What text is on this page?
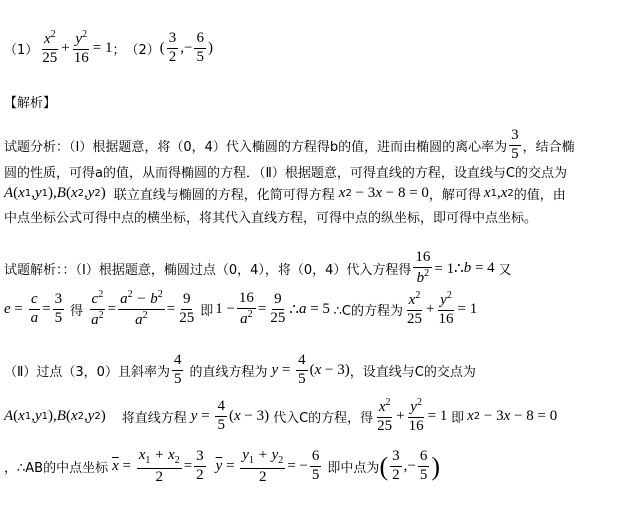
$(1) \frac{x^2}{25} + \frac{y^2}{16} = 1$ ； （2） ( $\frac{3}{2}$ ,− $\frac{6}{5}$ )
【解析】
试题分析：（Ⅰ）根据题意，将（0，4）代入椭圆的方程得b的值，进而由椭圆的离心率为 $\frac{3}{5}$ ，结合椭
圆的性质，可得a的值，从而得椭圆的方程．（Ⅱ）根据题意，可得直线的方程，设直线与C的交点为
A ( x 1 , y 1 ), B ( x 2 , y 2 ) 联立直线与椭圆的方程，化简可得方程 x 2 − 3 x − 8 = 0 ，解可得 x 1 , x 2 的值，由
中点坐标公式可得中点的横坐标，将其代入直线方程，可得中点的纵坐标，即可得中点坐标。
试题解析：：（Ⅰ）根据题意，椭圆过点（0，4），将（0，4）代入方程得 $\frac{16}{b^2}$ = 1∴ b = 4 又
$e = \frac{c}{a} = \frac{3}{5}$ 得 $\frac{c^2}{a^2} = \frac{a^2 - b^2}{a^2} = \frac{9}{25}$ 即 $1 - \frac{16}{a^2} = \frac{9}{25}$ ∴ a = 5 ∴C的方程为 $\frac{x^2}{25} + \frac{y^2}{16} = 1$
（Ⅱ）过点（3，0）且斜率为 $\frac{4}{5}$ 的直线方程为 $y = \frac{4}{5}$ ( x − 3) ，设直线与C的交点为
A ( x 1 , y 1 ), B ( x 2 , y 2 ) 将直线方程 $y = \frac{4}{5}$ ( x − 3) 代入C的方程，得 $\frac{x^2}{25} + \frac{y^2}{16} = 1$ 即 x 2 − 3 x − 8 = 0
，∴AB的中点坐标 $\overline{x} = \frac{x_1 + x_2}{2} = \frac{3}{2} \overline{y} = \frac{y_1 + y_2}{2}$ = − $\frac{6}{5}$ 即中点为 ( $\frac{3}{2}$ ,− $\frac{6}{5}$ )
